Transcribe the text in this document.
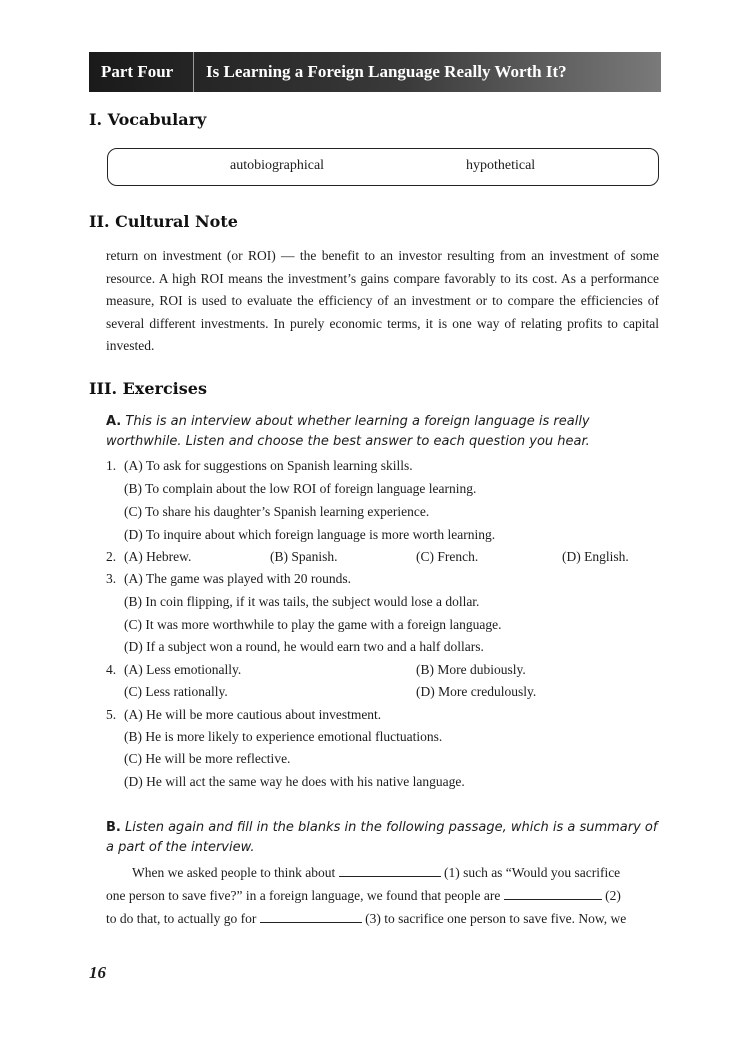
Part Four	Is Learning a Foreign Language Really Worth It?
I. Vocabulary
autobiographical	hypothetical
II. Cultural Note

return on investment (or ROI) — the benefit to an investor resulting from an investment of some resource. A high ROI means the investment’s gains compare favorably to its cost. As a performance measure, ROI is used to evaluate the efficiency of an investment or to compare the efficiencies of several different investments. In purely economic terms, it is one way of relating profits to capital invested.

III. Exercises
A. This is an interview about whether learning a foreign language is really worthwhile. Listen and choose the best answer to each question you hear.
1. (A) To ask for suggestions on Spanish learning skills.
(B) To complain about the low ROI of foreign language learning.
(C) To share his daughter’s Spanish learning experience.
(D) To inquire about which foreign language is more worth learning.
2. (A) Hebrew.	(B) Spanish.	(C) French.	(D) English.
3. (A) The game was played with 20 rounds.
(B) In coin flipping, if it was tails, the subject would lose a dollar.
(C) It was more worthwhile to play the game with a foreign language.
(D) If a subject won a round, he would earn two and a half dollars.
4. (A) Less emotionally.	(B) More dubiously.
(C) Less rationally.	(D) More credulously.
5. (A) He will be more cautious about investment.
(B) He is more likely to experience emotional fluctuations.
(C) He will be more reflective.
(D) He will act the same way he does with his native language.
B. Listen again and fill in the blanks in the following passage, which is a summary of a part of the interview.
When we asked people to think about	(1) such as “Would you sacrifice
one person to save five?” in a foreign language, we found that people are	(2)
to do that, to actually go for	(3) to sacrifice one person to save five. Now, we
16
